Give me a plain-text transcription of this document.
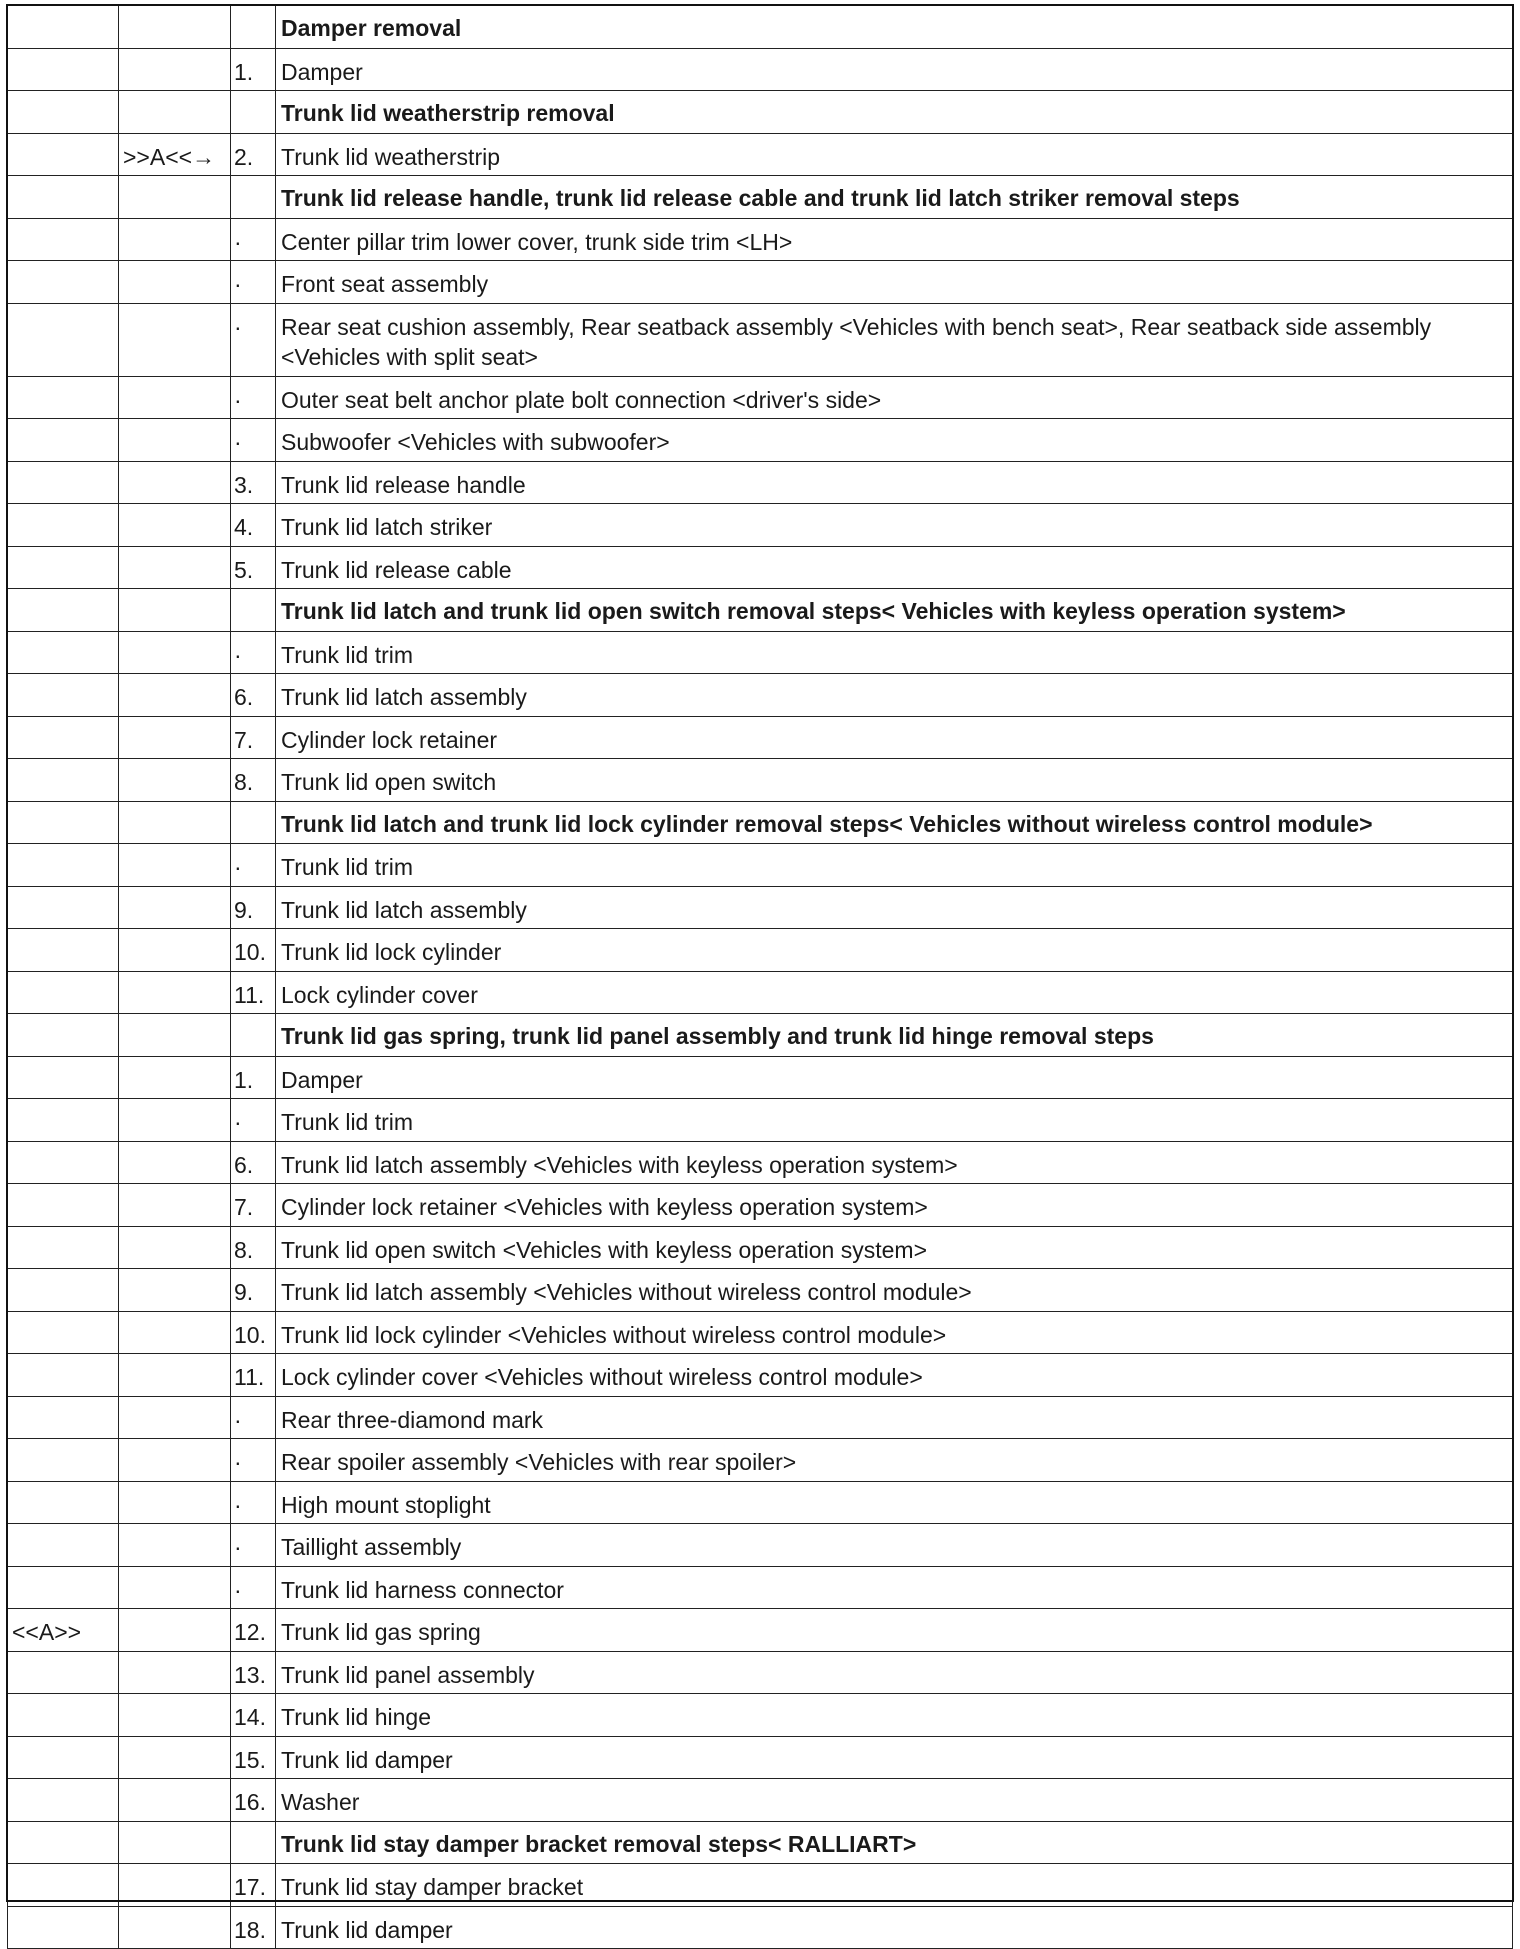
			Damper removal
		1.	Damper
			Trunk lid weatherstrip removal
	>>A<<→	2.	Trunk lid weatherstrip
			Trunk lid release handle, trunk lid release cable and trunk lid latch striker removal steps
		·	Center pillar trim lower cover, trunk side trim <LH>
		·	Front seat assembly
		·	Rear seat cushion assembly, Rear seatback assembly <Vehicles with bench seat>, Rear seatback side assembly <Vehicles with split seat>
		·	Outer seat belt anchor plate bolt connection <driver's side>
		·	Subwoofer <Vehicles with subwoofer>
		3.	Trunk lid release handle
		4.	Trunk lid latch striker
		5.	Trunk lid release cable
			Trunk lid latch and trunk lid open switch removal steps< Vehicles with keyless operation system>
		·	Trunk lid trim
		6.	Trunk lid latch assembly
		7.	Cylinder lock retainer
		8.	Trunk lid open switch
			Trunk lid latch and trunk lid lock cylinder removal steps< Vehicles without wireless control module>
		·	Trunk lid trim
		9.	Trunk lid latch assembly
		10.	Trunk lid lock cylinder
		11.	Lock cylinder cover
			Trunk lid gas spring, trunk lid panel assembly and trunk lid hinge removal steps
		1.	Damper
		·	Trunk lid trim
		6.	Trunk lid latch assembly <Vehicles with keyless operation system>
		7.	Cylinder lock retainer <Vehicles with keyless operation system>
		8.	Trunk lid open switch <Vehicles with keyless operation system>
		9.	Trunk lid latch assembly <Vehicles without wireless control module>
		10.	Trunk lid lock cylinder <Vehicles without wireless control module>
		11.	Lock cylinder cover <Vehicles without wireless control module>
		·	Rear three-diamond mark
		·	Rear spoiler assembly <Vehicles with rear spoiler>
		·	High mount stoplight
		·	Taillight assembly
		·	Trunk lid harness connector
<<A>>		12.	Trunk lid gas spring
		13.	Trunk lid panel assembly
		14.	Trunk lid hinge
		15.	Trunk lid damper
		16.	Washer
			Trunk lid stay damper bracket removal steps< RALLIART>
		17.	Trunk lid stay damper bracket
		18.	Trunk lid damper
